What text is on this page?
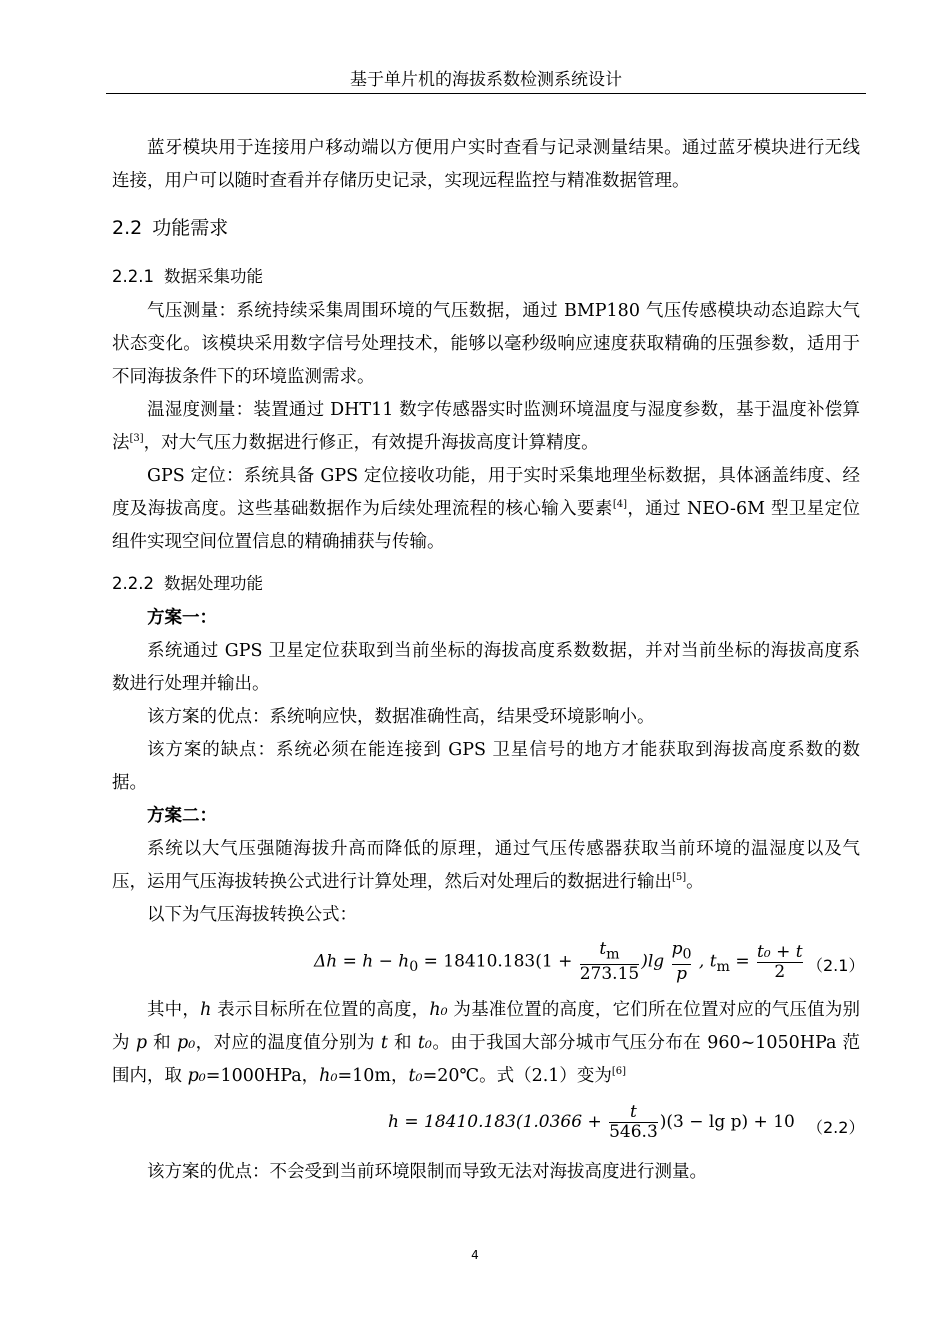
基于单片机的海拔系数检测系统设计

蓝牙模块用于连接用户移动端以方便用户实时查看与记录测量结果。通过蓝牙模块进行无线连接，用户可以随时查看并存储历史记录，实现远程监控与精准数据管理。

2.2 功能需求
2.2.1 数据采集功能

气压测量：系统持续采集周围环境的气压数据，通过 BMP180 气压传感模块动态追踪大气状态变化。该模块采用数字信号处理技术，能够以毫秒级响应速度获取精确的压强参数，适用于不同海拔条件下的环境监测需求。

温湿度测量：装置通过 DHT11 数字传感器实时监测环境温度与湿度参数，基于温度补偿算法[3]，对大气压力数据进行修正，有效提升海拔高度计算精度。

GPS 定位：系统具备 GPS 定位接收功能，用于实时采集地理坐标数据，具体涵盖纬度、经度及海拔高度。这些基础数据作为后续处理流程的核心输入要素[4]，通过 NEO-6M 型卫星定位组件实现空间位置信息的精确捕获与传输。

2.2.2 数据处理功能

方案一：

系统通过 GPS 卫星定位获取到当前坐标的海拔高度系数数据，并对当前坐标的海拔高度系数进行处理并输出。

该方案的优点：系统响应快，数据准确性高，结果受环境影响小。

该方案的缺点：系统必须在能连接到 GPS 卫星信号的地方才能获取到海拔高度系数的数据。

方案二：

系统以大气压强随海拔升高而降低的原理，通过气压传感器获取当前环境的温湿度以及气压，运用气压海拔转换公式进行计算处理，然后对处理后的数据进行输出[5]。

以下为气压海拔转换公式：

$\Delta h = h - h_0 = 18410.183(1 + \frac{t_m}{273.15} )\lg \frac{p_0}{p}$ , $t_m = \frac{\text{t₀ + t}}{2} (2.1)$

其中，h 表示目标所在位置的高度，h₀ 为基准位置的高度，它们所在位置对应的气压值为别为 p 和 p₀，对应的温度值分别为 t 和 t₀。由于我国大部分城市气压分布在 960~1050HPa 范围内，取 p₀=1000HPa，h₀=10m，t₀=20℃。式（2.1）变为[6]

$h = 18410.183(1.0366 + \frac{t}{546.3} )(3 - \lg p) + 10$ （2.2）

该方案的优点：不会受到当前环境限制而导致无法对海拔高度进行测量。

4
